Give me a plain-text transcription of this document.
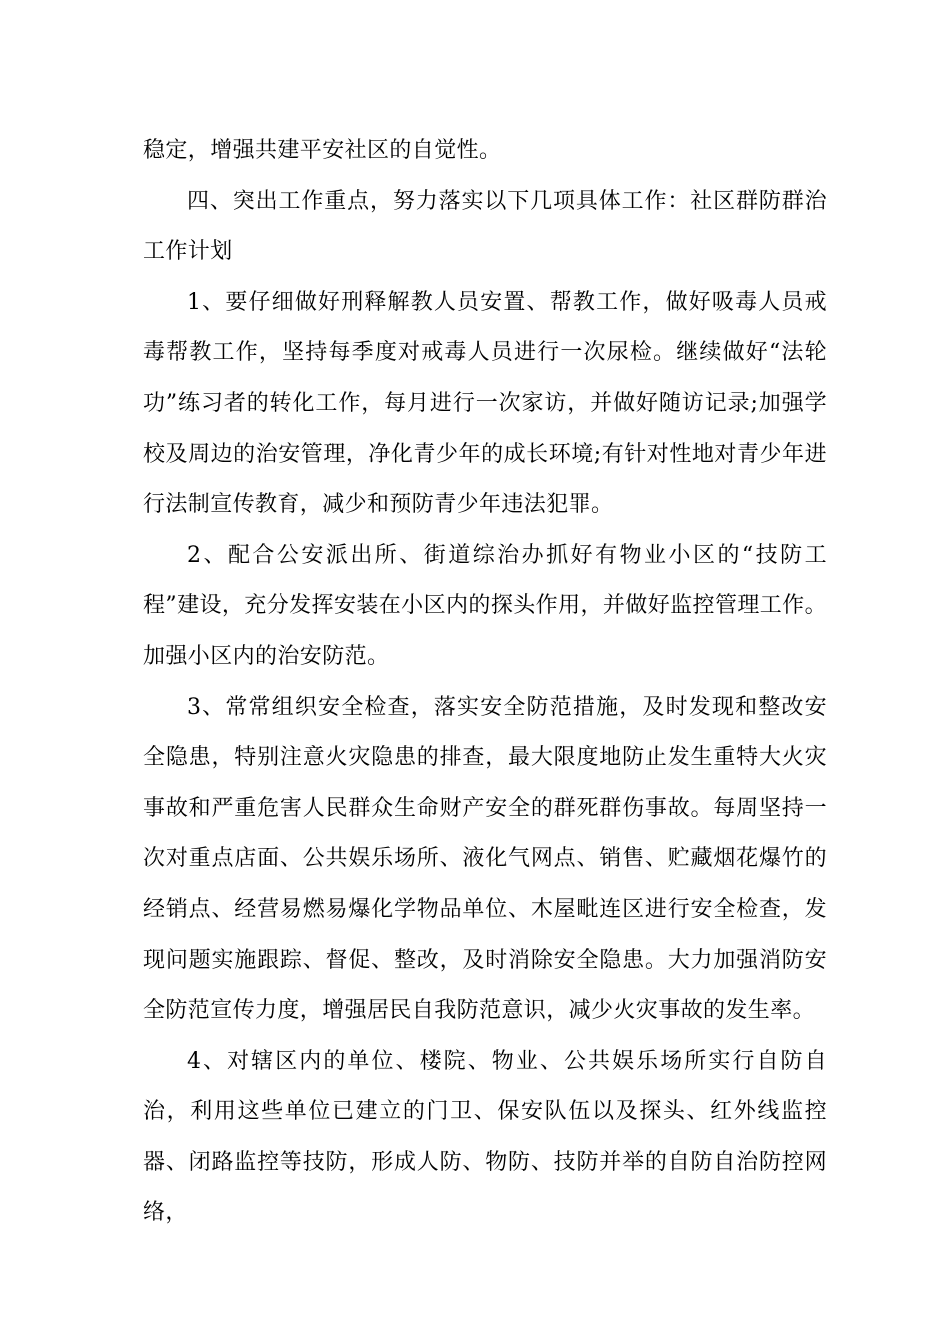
稳定，增强共建平安社区的自觉性。

四、突出工作重点，努力落实以下几项具体工作：社区群防群治工作计划

1、要仔细做好刑释解教人员安置、帮教工作，做好吸毒人员戒毒帮教工作，坚持每季度对戒毒人员进行一次尿检。继续做好“法轮功”练习者的转化工作，每月进行一次家访，并做好随访记录;加强学校及周边的治安管理，净化青少年的成长环境;有针对性地对青少年进行法制宣传教育，减少和预防青少年违法犯罪。

2、配合公安派出所、街道综治办抓好有物业小区的“技防工程”建设，充分发挥安装在小区内的探头作用，并做好监控管理工作。加强小区内的治安防范。

3、常常组织安全检查，落实安全防范措施，及时发现和整改安全隐患，特别注意火灾隐患的排查，最大限度地防止发生重特大火灾事故和严重危害人民群众生命财产安全的群死群伤事故。每周坚持一次对重点店面、公共娱乐场所、液化气网点、销售、贮藏烟花爆竹的经销点、经营易燃易爆化学物品单位、木屋毗连区进行安全检查，发现问题实施跟踪、督促、整改，及时消除安全隐患。大力加强消防安全防范宣传力度，增强居民自我防范意识，减少火灾事故的发生率。

4、对辖区内的单位、楼院、物业、公共娱乐场所实行自防自治，利用这些单位已建立的门卫、保安队伍以及探头、红外线监控器、闭路监控等技防，形成人防、物防、技防并举的自防自治防控网络，
